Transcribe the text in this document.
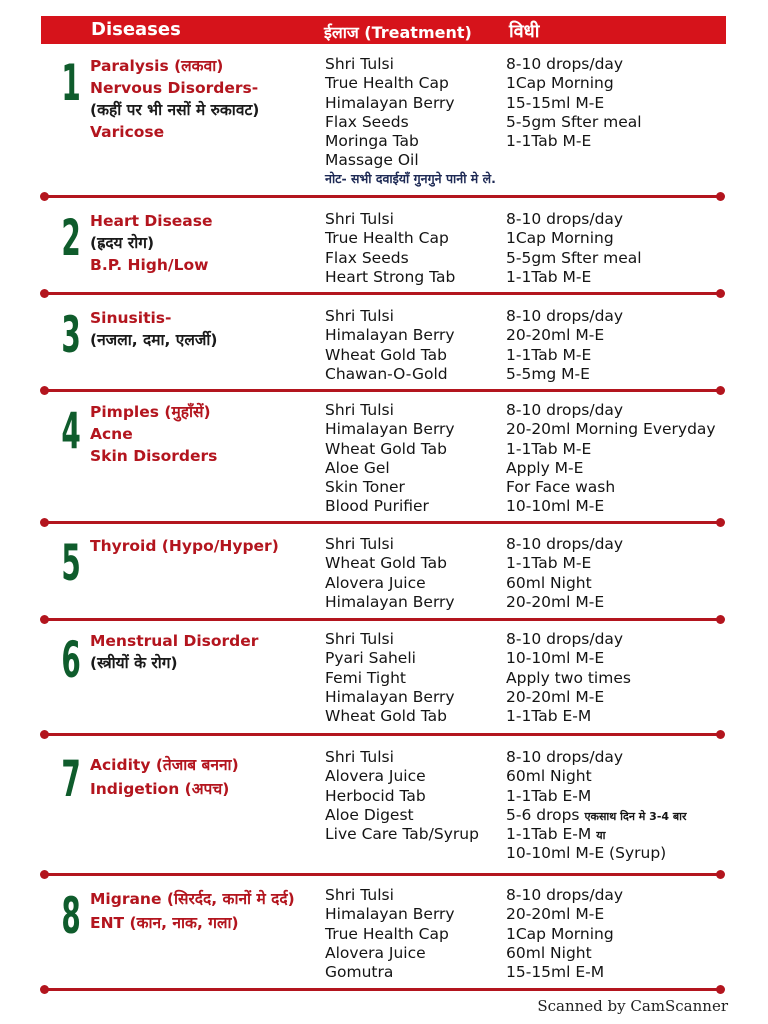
Diseases	ईलाज (Treatment) विधी
1 Paralysis (लकवा)
Nervous Disorders-
(कहीं पर भी नसों मे रुकावट)
Varicose
Shri Tulsi
True Health Cap
Himalayan Berry
Flax Seeds
Moringa Tab
Massage Oil
8-10 drops/day
1Cap Morning
15-15ml M-E
5-5gm Sfter meal
1-1Tab M-E
नोट- सभी दवाईयाँ गुनगुने पानी मे ले.
2 Heart Disease
(ह्रदय रोग)
B.P. High/Low
Shri Tulsi
True Health Cap
Flax Seeds
Heart Strong Tab
8-10 drops/day
1Cap Morning
5-5gm Sfter meal
1-1Tab M-E
3 Sinusitis-
(नजला, दमा, एलर्जी)
Shri Tulsi
Himalayan Berry
Wheat Gold Tab
Chawan-O-Gold
8-10 drops/day
20-20ml M-E
1-1Tab M-E
5-5mg M-E
4 Pimples (मुहाँसें)
Acne
Skin Disorders
Shri Tulsi
Himalayan Berry
Wheat Gold Tab
Aloe Gel
Skin Toner
Blood Purifier
8-10 drops/day
20-20ml Morning Everyday
1-1Tab M-E
Apply M-E
For Face wash
10-10ml M-E
5 Thyroid (Hypo/Hyper)	Shri Tulsi
Wheat Gold Tab
Alovera Juice
Himalayan Berry
8-10 drops/day
1-1Tab M-E
60ml Night
20-20ml M-E
6 Menstrual Disorder
(स्त्रीयों के रोग)
Shri Tulsi
Pyari Saheli
Femi Tight
Himalayan Berry
Wheat Gold Tab
8-10 drops/day
10-10ml M-E
Apply two times
20-20ml M-E
1-1Tab E-M
7 Acidity (तेजाब बनना)
Indigetion (अपच)
Shri Tulsi
Alovera Juice
Herbocid Tab
Aloe Digest
Live Care Tab/Syrup
8-10 drops/day
60ml Night
1-1Tab E-M
5-6 drops एकसाथ दिन मे 3-4 बार
1-1Tab E-M या
10-10ml M-E (Syrup)
8 Migrane (सिरर्दद, कानों मे दर्द)
ENT (कान, नाक, गला)
Shri Tulsi
Himalayan Berry
True Health Cap
Alovera Juice
Gomutra
8-10 drops/day
20-20ml M-E
1Cap Morning
60ml Night
15-15ml E-M
Scanned by CamScanner
